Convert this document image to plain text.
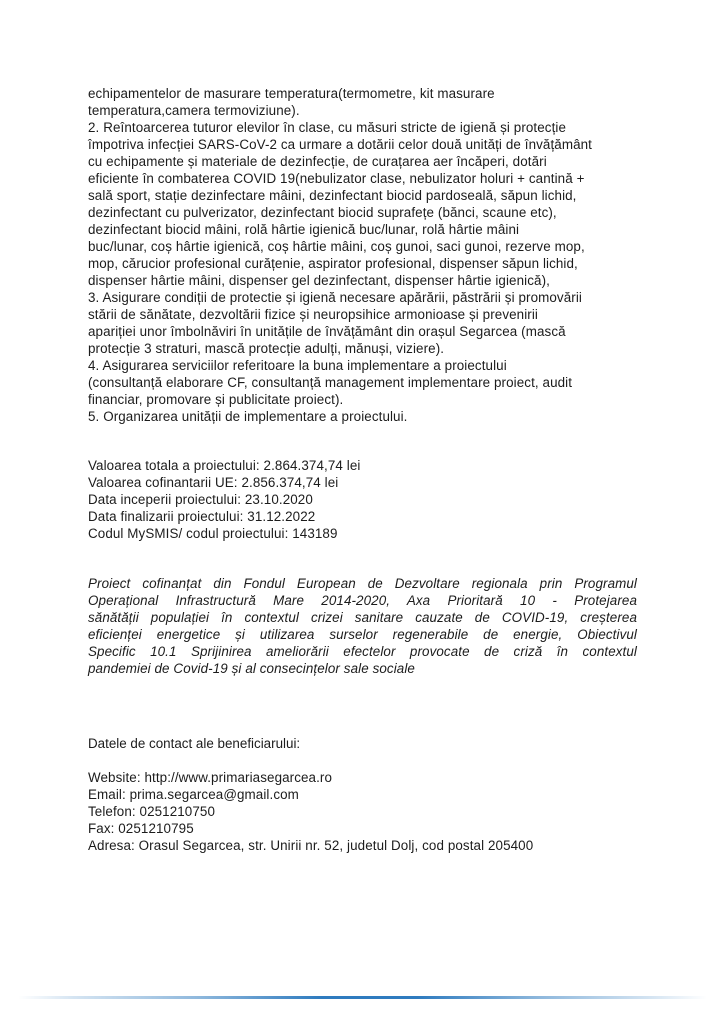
echipamentelor de masurare temperatura(termometre, kit masurare
temperatura,camera termoviziune).
2. Reîntoarcerea tuturor elevilor în clase, cu măsuri stricte de igienă și protecție
împotriva infecției SARS-CoV-2 ca urmare a dotării celor două unități de învățământ
cu echipamente și materiale de dezinfecție, de curațarea aer încăperi, dotări
eficiente în combaterea COVID 19(nebulizator clase, nebulizator holuri + cantină +
sală sport, stație dezinfectare mâini, dezinfectant biocid pardoseală, săpun lichid,
dezinfectant cu pulverizator, dezinfectant biocid suprafețe (bănci, scaune etc),
dezinfectant biocid mâini, rolă hârtie igienică buc/lunar, rolă hârtie mâini
buc/lunar, coș hârtie igienică, coș hârtie mâini, coș gunoi, saci gunoi, rezerve mop,
mop, cărucior profesional curățenie, aspirator profesional, dispenser săpun lichid,
dispenser hârtie mâini, dispenser gel dezinfectant, dispenser hârtie igienică),
3. Asigurare condiții de protectie și igienă necesare apărării, păstrării și promovării
stării de sănătate, dezvoltării fizice și neuropsihice armonioase și prevenirii
apariției unor îmbolnăviri în unitățile de învățământ din orașul Segarcea (mască
protecție 3 straturi, mască protecție adulți, mănuși, viziere).
4. Asigurarea serviciilor referitoare la buna implementare a proiectului
(consultanță elaborare CF, consultanță management implementare proiect, audit
financiar, promovare și publicitate proiect).
5. Organizarea unității de implementare a proiectului.
Valoarea totala a proiectului: 2.864.374,74 lei
Valoarea cofinantarii UE: 2.856.374,74 lei
Data inceperii proiectului: 23.10.2020
Data finalizarii proiectului: 31.12.2022
Codul MySMIS/ codul proiectului: 143189
Proiect cofinanțat din Fondul European de Dezvoltare regionala prin Programul
Operațional Infrastructură Mare 2014-2020, Axa Prioritară 10 - Protejarea
sănătății populației în contextul crizei sanitare cauzate de COVID-19, creșterea
eficienței energetice și utilizarea surselor regenerabile de energie, Obiectivul
Specific 10.1 Sprijinirea ameliorării efectelor provocate de criză în contextul
pandemiei de Covid-19 și al consecințelor sale sociale
Datele de contact ale beneficiarului:
Website: http://www.primariasegarcea.ro
Email: prima.segarcea@gmail.com
Telefon: 0251210750
Fax: 0251210795
Adresa: Orasul Segarcea, str. Unirii nr. 52, judetul Dolj, cod postal 205400
